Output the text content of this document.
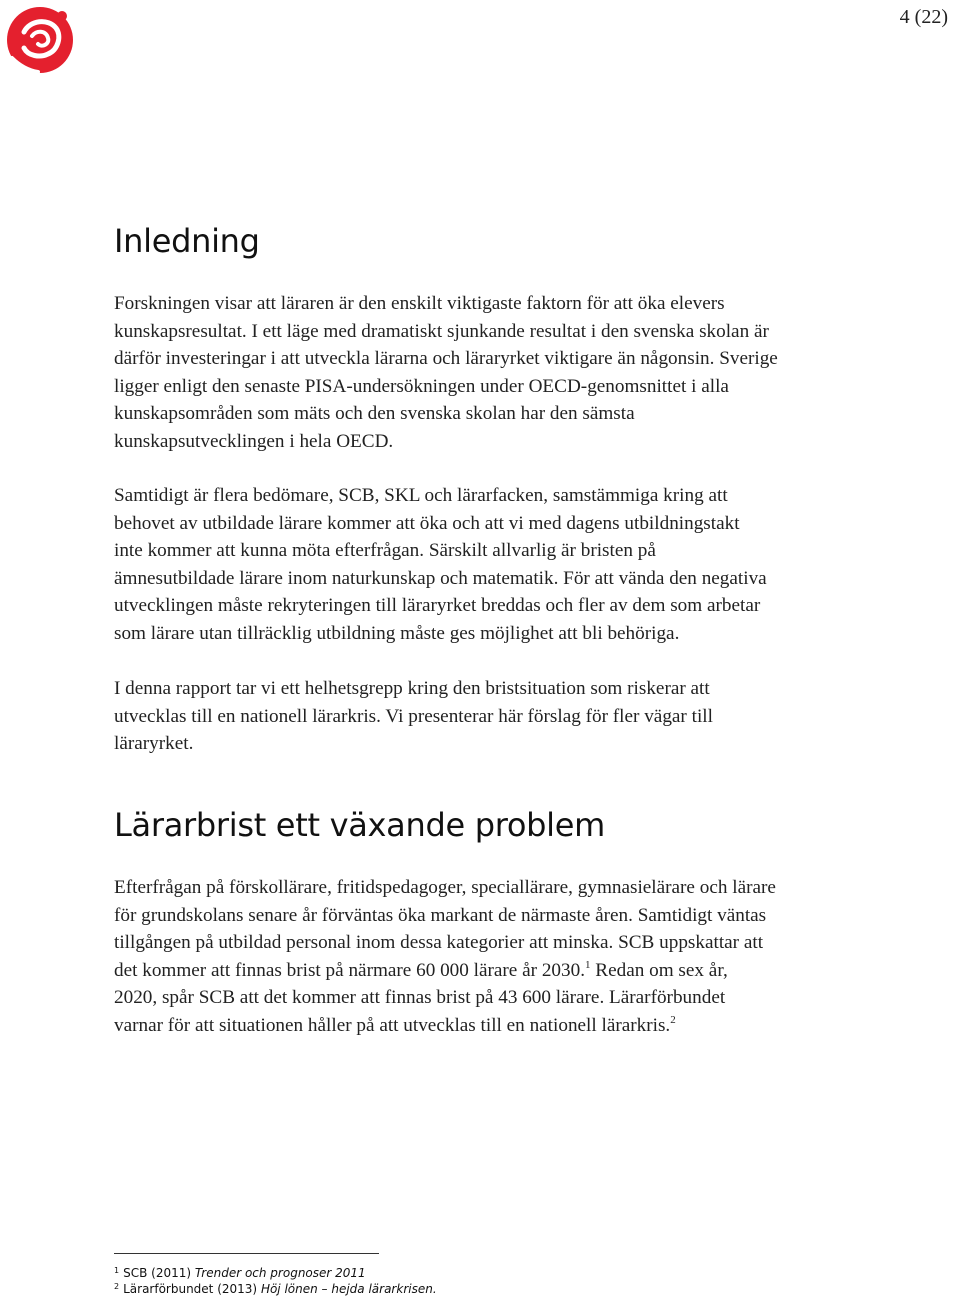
4 (22)
Inledning
Forskningen visar att läraren är den enskilt viktigaste faktorn för att öka elevers
kunskapsresultat. I ett läge med dramatiskt sjunkande resultat i den svenska skolan är
därför investeringar i att utveckla lärarna och läraryrket viktigare än någonsin. Sverige
ligger enligt den senaste PISA-undersökningen under OECD-genomsnittet i alla
kunskapsområden som mäts och den svenska skolan har den sämsta
kunskapsutvecklingen i hela OECD.
Samtidigt är flera bedömare, SCB, SKL och lärarfacken, samstämmiga kring att
behovet av utbildade lärare kommer att öka och att vi med dagens utbildningstakt
inte kommer att kunna möta efterfrågan. Särskilt allvarlig är bristen på
ämnesutbildade lärare inom naturkunskap och matematik. För att vända den negativa
utvecklingen måste rekryteringen till läraryrket breddas och fler av dem som arbetar
som lärare utan tillräcklig utbildning måste ges möjlighet att bli behöriga.
I denna rapport tar vi ett helhetsgrepp kring den bristsituation som riskerar att
utvecklas till en nationell lärarkris. Vi presenterar här förslag för fler vägar till
läraryrket.
Lärarbrist ett växande problem
Efterfrågan på förskollärare, fritidspedagoger, speciallärare, gymnasielärare och lärare
för grundskolans senare år förväntas öka markant de närmaste åren. Samtidigt väntas
tillgången på utbildad personal inom dessa kategorier att minska. SCB uppskattar att
det kommer att finnas brist på närmare 60 000 lärare år 2030.$^1$ Redan om sex år,
2020, spår SCB att det kommer att finnas brist på 43 600 lärare. Lärarförbundet
varnar för att situationen håller på att utvecklas till en nationell lärarkris.$^2$

$^1$ SCB (2011) Trender och prognoser 2011

$^2$ Lärarförbundet (2013) Höj lönen – hejda lärarkrisen.
